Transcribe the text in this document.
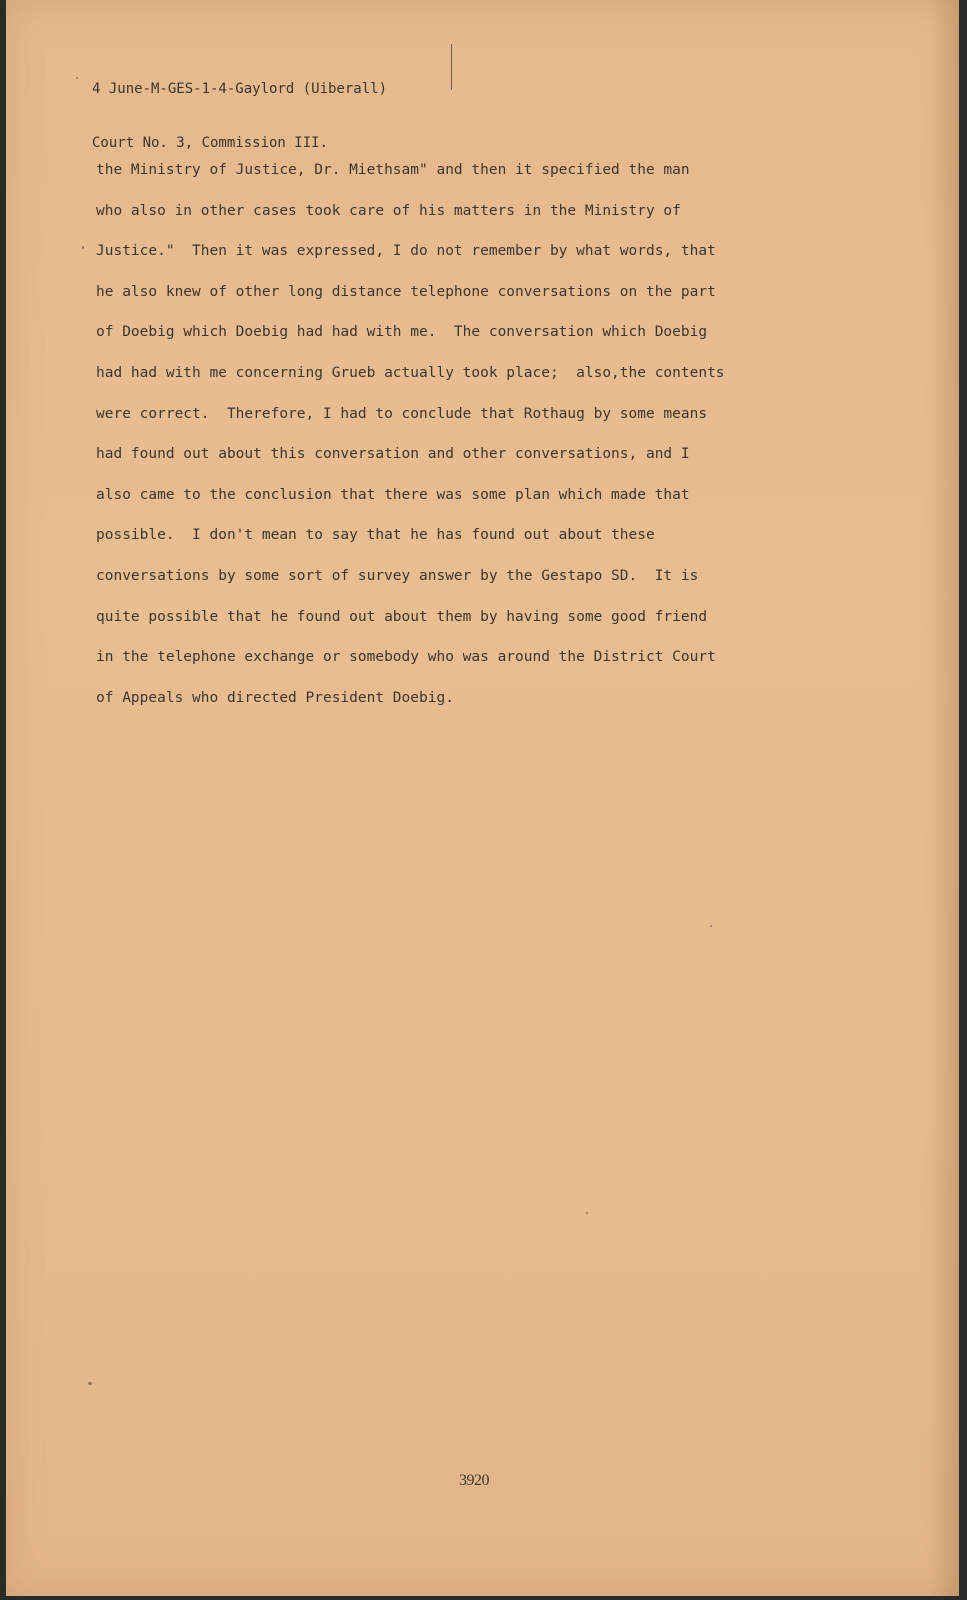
4 June-M-GES-1-4-Gaylord (Uiberall)

Court No. 3, Commission III.

the Ministry of Justice, Dr. Miethsam" and then it specified the man
who also in other cases took care of his matters in the Ministry of
Justice."  Then it was expressed, I do not remember by what words, that
he also knew of other long distance telephone conversations on the part
of Doebig which Doebig had had with me.  The conversation which Doebig
had had with me concerning Grueb actually took place;  also,the contents
were correct.  Therefore, I had to conclude that Rothaug by some means
had found out about this conversation and other conversations, and I
also came to the conclusion that there was some plan which made that
possible.  I don't mean to say that he has found out about these
conversations by some sort of survey answer by the Gestapo SD.  It is
quite possible that he found out about them by having some good friend
in the telephone exchange or somebody who was around the District Court
of Appeals who directed President Doebig.
3920
